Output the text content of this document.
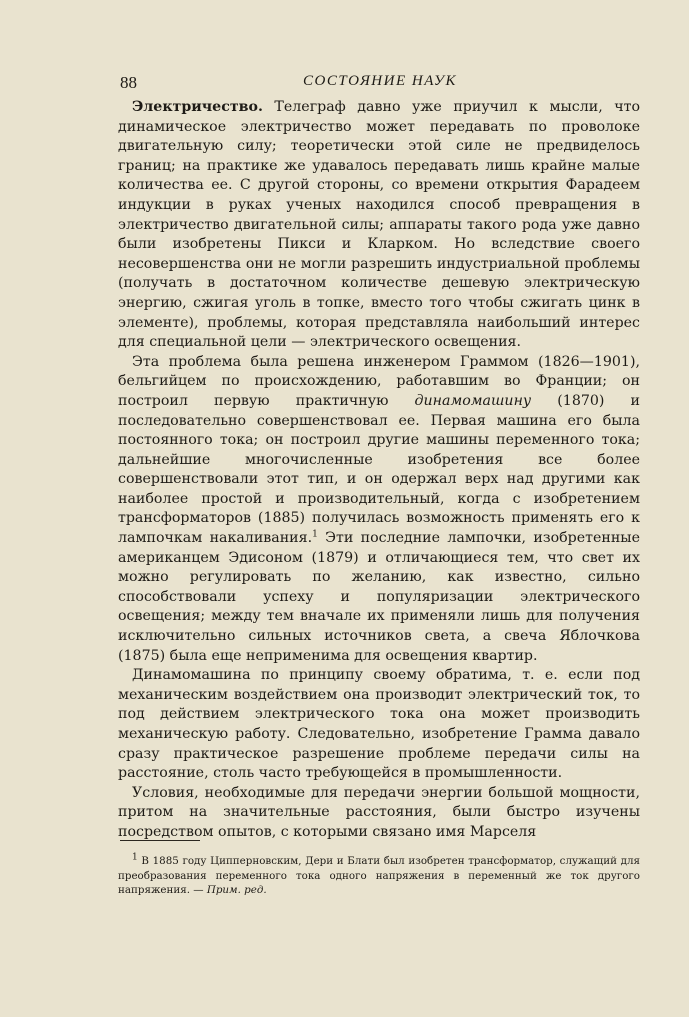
88	СОСТОЯНИЕ НАУК

Электричество. Телеграф давно уже приучил к мысли, что динамическое электричество может передавать по проволоке двигательную силу; теоретически этой силе не предвиделось границ; на практике же удавалось передавать лишь крайне малые количества ее. С другой стороны, со времени открытия Фарадеем индукции в руках ученых находился способ превращения в электричество двигательной силы; аппараты такого рода уже давно были изобретены Пикси и Кларком. Но вследствие своего несовершенства они не могли разрешить индустриальной проблемы (получать в достаточном количестве дешевую электрическую энергию, сжигая уголь в топке, вместо того чтобы сжигать цинк в элементе), проблемы, которая представляла наибольший интерес для специальной цели — электрического освещения.

Эта проблема была решена инженером Граммом (1826—1901), бельгийцем по происхождению, работавшим во Франции; он построил первую практичную динамомашину (1870) и последовательно совершенствовал ее. Первая машина его была постоянного тока; он построил другие машины переменного тока; дальнейшие многочисленные изобретения все более совершенствовали этот тип, и он одержал верх над другими как наиболее простой и производительный, когда с изобретением трансформаторов (1885) получилась возможность применять его к лампочкам накаливания.$^1$ Эти последние лампочки, изобретенные американцем Эдисоном (1879) и отличающиеся тем, что свет их можно регулировать по желанию, как известно, сильно способствовали успеху и популяризации электрического освещения; между тем вначале их применяли лишь для получения исключительно сильных источников света, а свеча Яблочкова (1875) была еще неприменима для освещения квартир.

Динамомашина по принципу своему обратима, т. е. если под механическим воздействием она производит электрический ток, то под действием электрического тока она может производить механическую работу. Следовательно, изобретение Грамма давало сразу практическое разрешение проблеме передачи силы на расстояние, столь часто требующейся в промышленности.

Условия, необходимые для передачи энергии большой мощности, притом на значительные расстояния, были быстро изучены посредством опытов, с которыми связано имя Марселя

$^1$ В 1885 году Ципперновским, Дери и Блати был изобретен трансформатор, служащий для преобразования переменного тока одного напряжения в переменный же ток другого напряжения. — Прим. ред.
